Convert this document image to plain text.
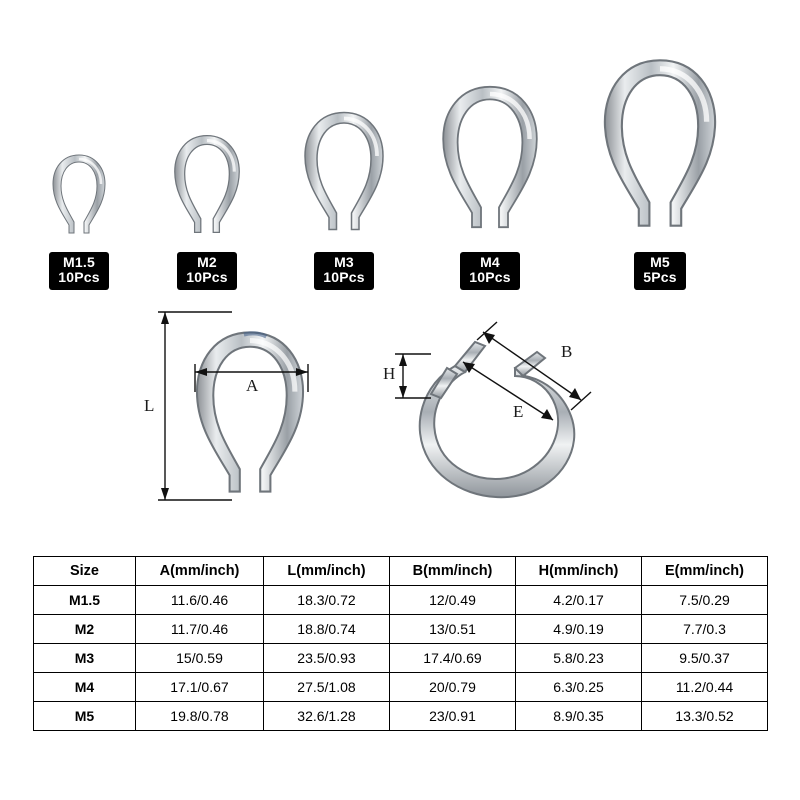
M1.5
10Pcs
M2
10Pcs
M3
10Pcs
M4
10Pcs
M5
5Pcs
L
A
B
H
E
Size	A(mm/inch)	L(mm/inch)	B(mm/inch)	H(mm/inch)	E(mm/inch)
M1.5	11.6/0.46	18.3/0.72	12/0.49	4.2/0.17	7.5/0.29
M2	11.7/0.46	18.8/0.74	13/0.51	4.9/0.19	7.7/0.3
M3	15/0.59	23.5/0.93	17.4/0.69	5.8/0.23	9.5/0.37
M4	17.1/0.67	27.5/1.08	20/0.79	6.3/0.25	11.2/0.44
M5	19.8/0.78	32.6/1.28	23/0.91	8.9/0.35	13.3/0.52
